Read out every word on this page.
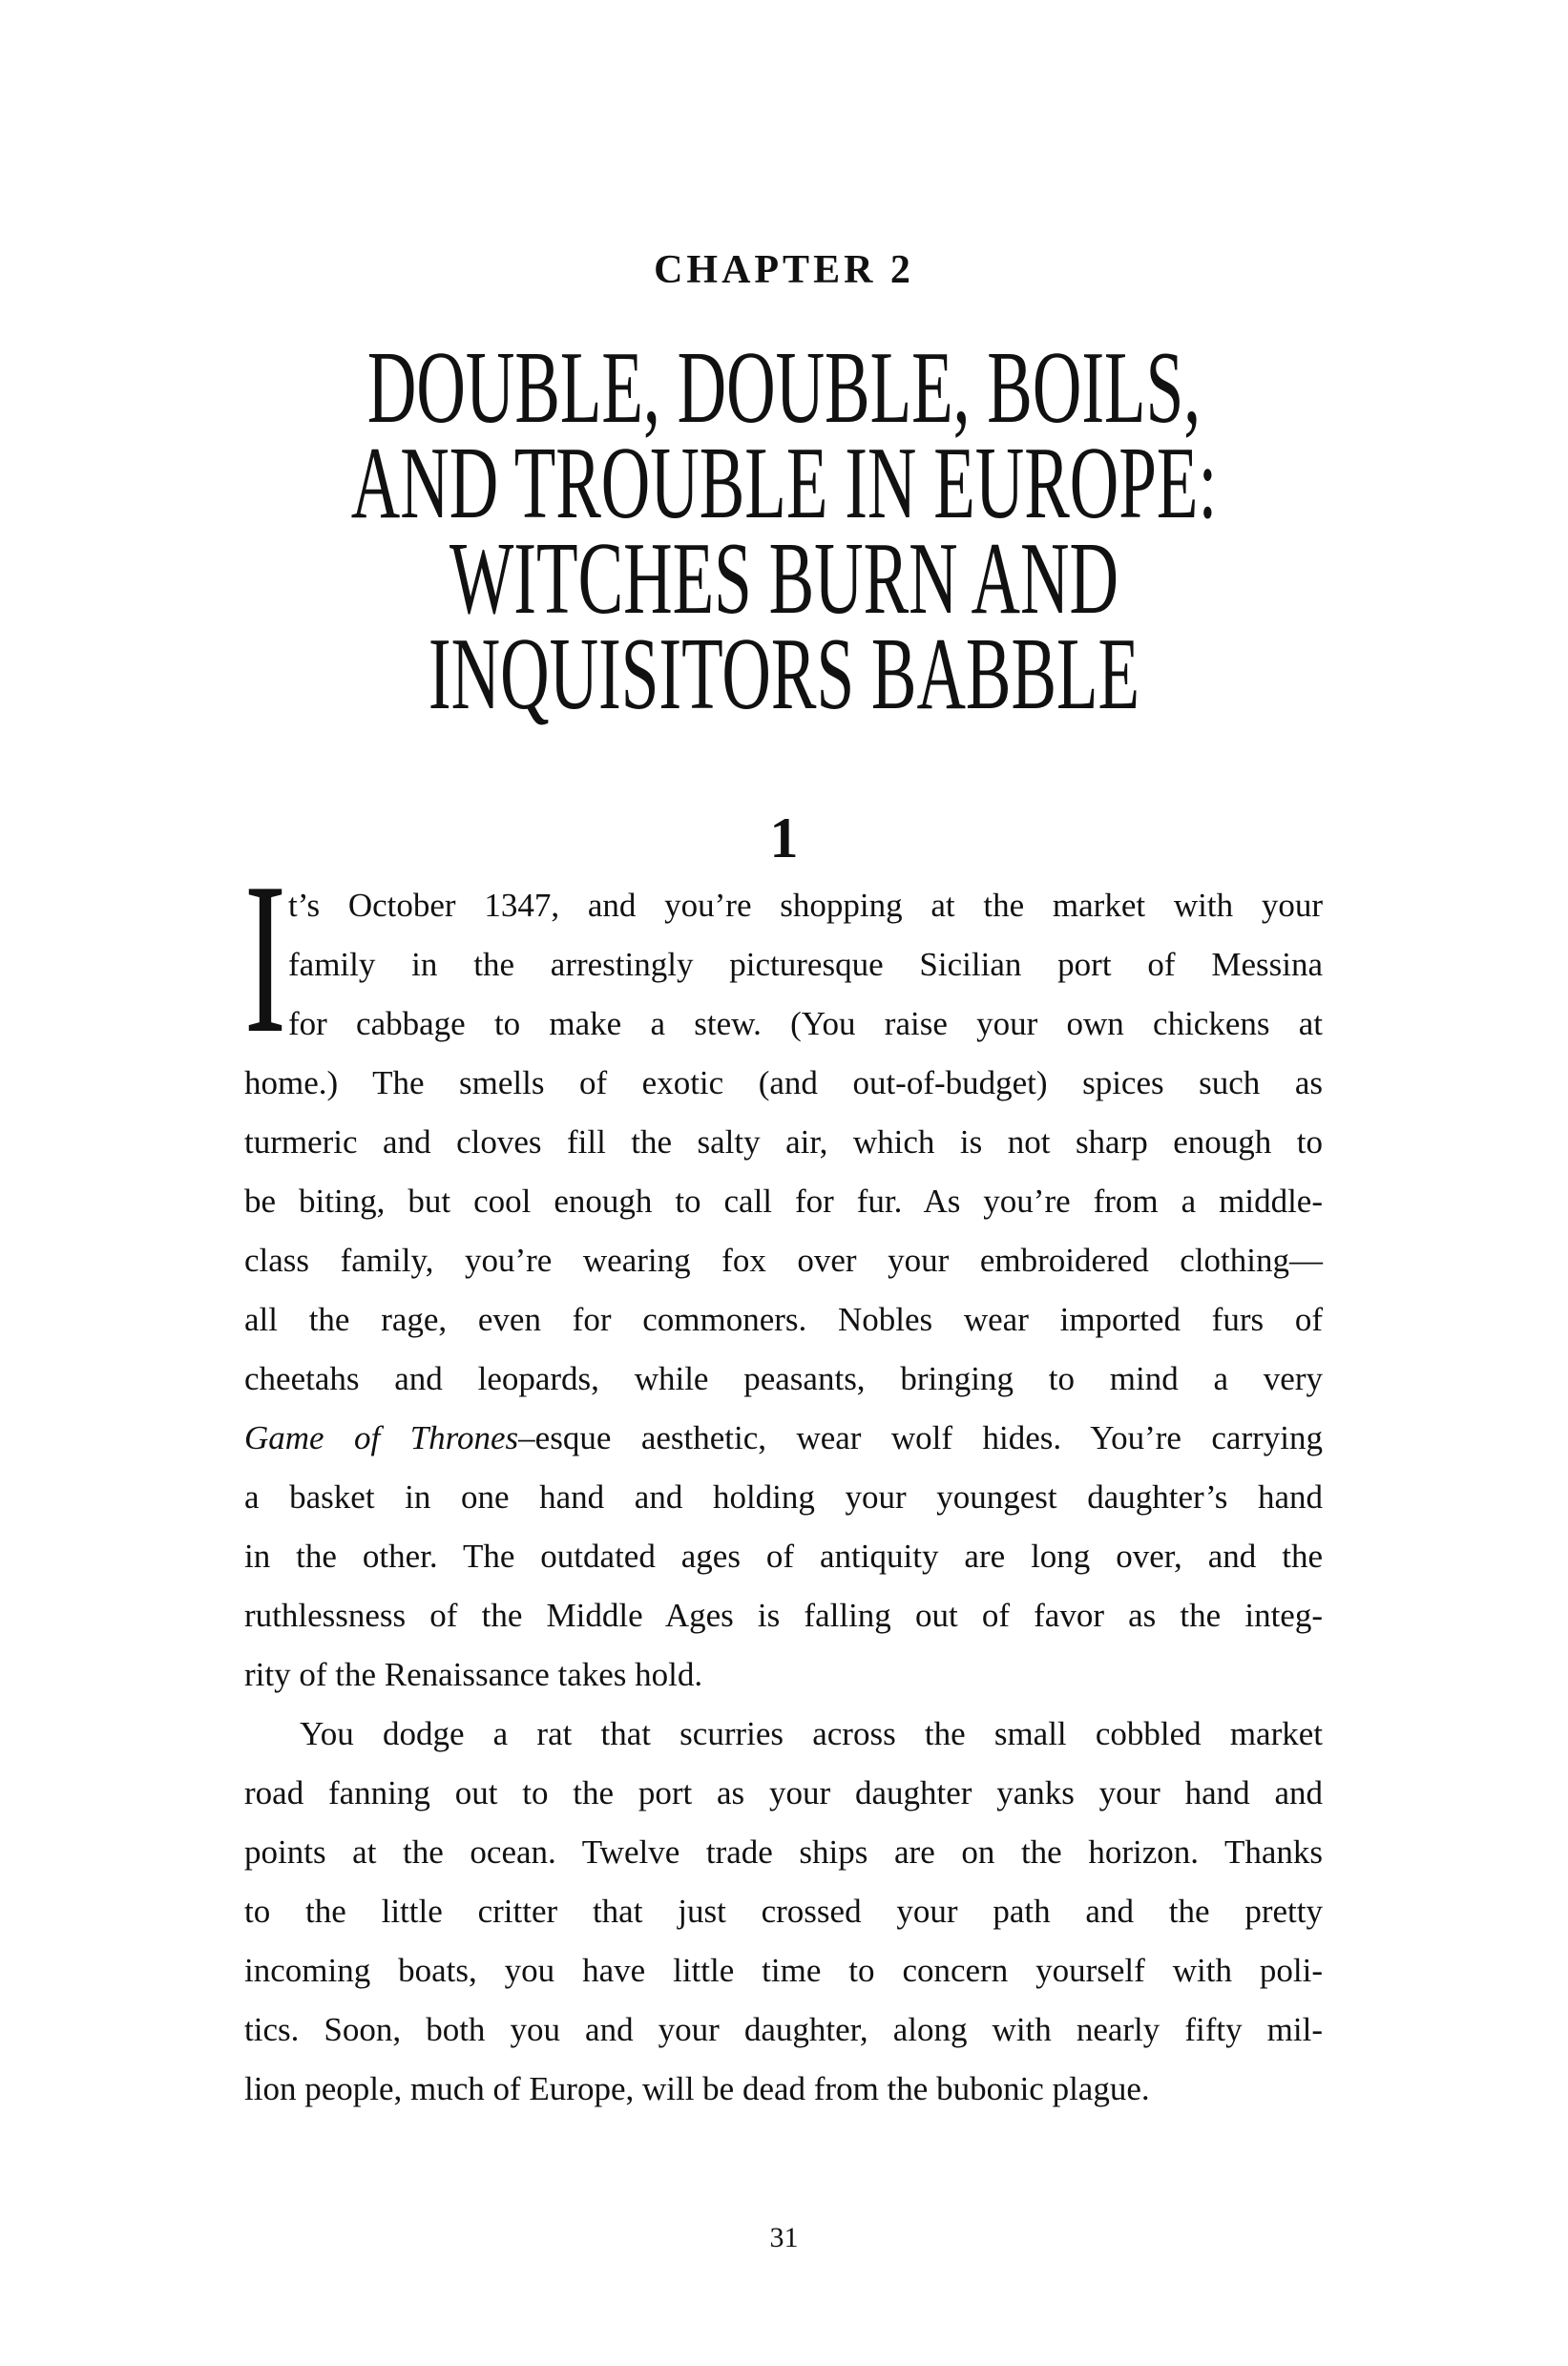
CHAPTER 2
DOUBLE, DOUBLE, BOILS,
AND TROUBLE IN EUROPE:
WITCHES BURN AND
INQUISITORS BABBLE
1
I t’s October 1347, and you’re shopping at the market with your
family in the arrestingly picturesque Sicilian port of Messina
for cabbage to make a stew. (You raise your own chickens at
home.) The smells of exotic (and out-of-budget) spices such as
turmeric and cloves fill the salty air, which is not sharp enough to
be biting, but cool enough to call for fur. As you’re from a middle-
class family, you’re wearing fox over your embroidered clothing—
all the rage, even for commoners. Nobles wear imported furs of
cheetahs and leopards, while peasants, bringing to mind a very
Game of Thrones–esque aesthetic, wear wolf hides. You’re carrying
a basket in one hand and holding your youngest daughter’s hand
in the other. The outdated ages of antiquity are long over, and the
ruthlessness of the Middle Ages is falling out of favor as the integ-
rity of the Renaissance takes hold.
You dodge a rat that scurries across the small cobbled market
road fanning out to the port as your daughter yanks your hand and
points at the ocean. Twelve trade ships are on the horizon. Thanks
to the little critter that just crossed your path and the pretty
incoming boats, you have little time to concern yourself with poli-
tics. Soon, both you and your daughter, along with nearly fifty mil-
lion people, much of Europe, will be dead from the bubonic plague.
31
